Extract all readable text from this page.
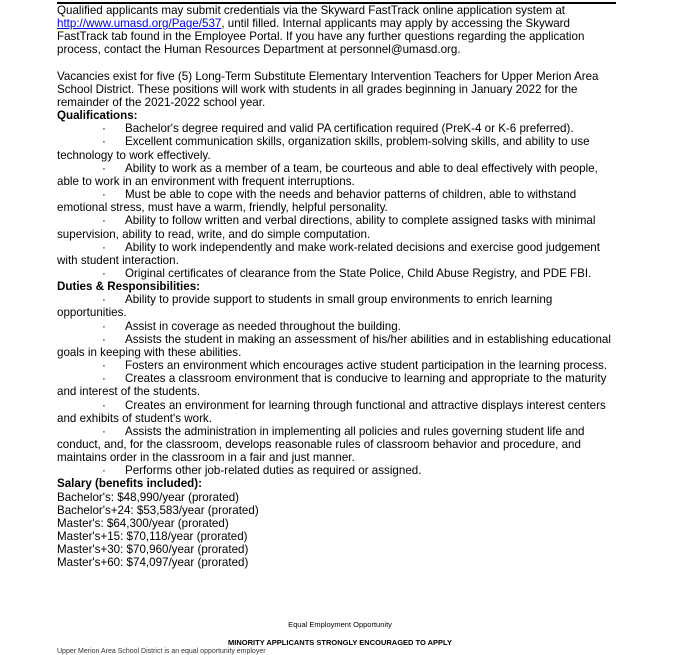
Qualified applicants may submit credentials via the Skyward FastTrack online application system at
http://www.umasd.org/Page/537, until filled. Internal applicants may apply by accessing the Skyward FastTrack tab found in the Employee Portal. If you have any further questions regarding the application process, contact the Human Resources Department at personnel@umasd.org.

Vacancies exist for five (5) Long-Term Substitute Elementary Intervention Teachers for Upper Merion Area School District. These positions will work with students in all grades beginning in January 2022 for the remainder of the 2021-2022 school year.

Qualifications:

· Bachelor's degree required and valid PA certification required (PreK-4 or K-6 preferred).

· Excellent communication skills, organization skills, problem-solving skills, and ability to use technology to work effectively.

· Ability to work as a member of a team, be courteous and able to deal effectively with people, able to work in an environment with frequent interruptions.

· Must be able to cope with the needs and behavior patterns of children, able to withstand emotional stress, must have a warm, friendly, helpful personality.

· Ability to follow written and verbal directions, ability to complete assigned tasks with minimal supervision, ability to read, write, and do simple computation.

· Ability to work independently and make work-related decisions and exercise good judgement with student interaction.

· Original certificates of clearance from the State Police, Child Abuse Registry, and PDE FBI.

Duties & Responsibilities:

· Ability to provide support to students in small group environments to enrich learning opportunities.

· Assist in coverage as needed throughout the building.

· Assists the student in making an assessment of his/her abilities and in establishing educational goals in keeping with these abilities.

· Fosters an environment which encourages active student participation in the learning process.

· Creates a classroom environment that is conducive to learning and appropriate to the maturity and interest of the students.

· Creates an environment for learning through functional and attractive displays interest centers and exhibits of student's work.

· Assists the administration in implementing all policies and rules governing student life and conduct, and, for the classroom, develops reasonable rules of classroom behavior and procedure, and maintains order in the classroom in a fair and just manner.

· Performs other job-related duties as required or assigned.

Salary (benefits included):

Bachelor's: $48,990/year (prorated)

Bachelor's+24: $53,583/year (prorated)

Master's: $64,300/year (prorated)

Master's+15: $70,118/year (prorated)

Master's+30: $70,960/year (prorated)

Master's+60: $74,097/year (prorated)

Equal Employment Opportunity
MINORITY APPLICANTS STRONGLY ENCOURAGED TO APPLY
Upper Merion Area School District is an equal opportunity employer
